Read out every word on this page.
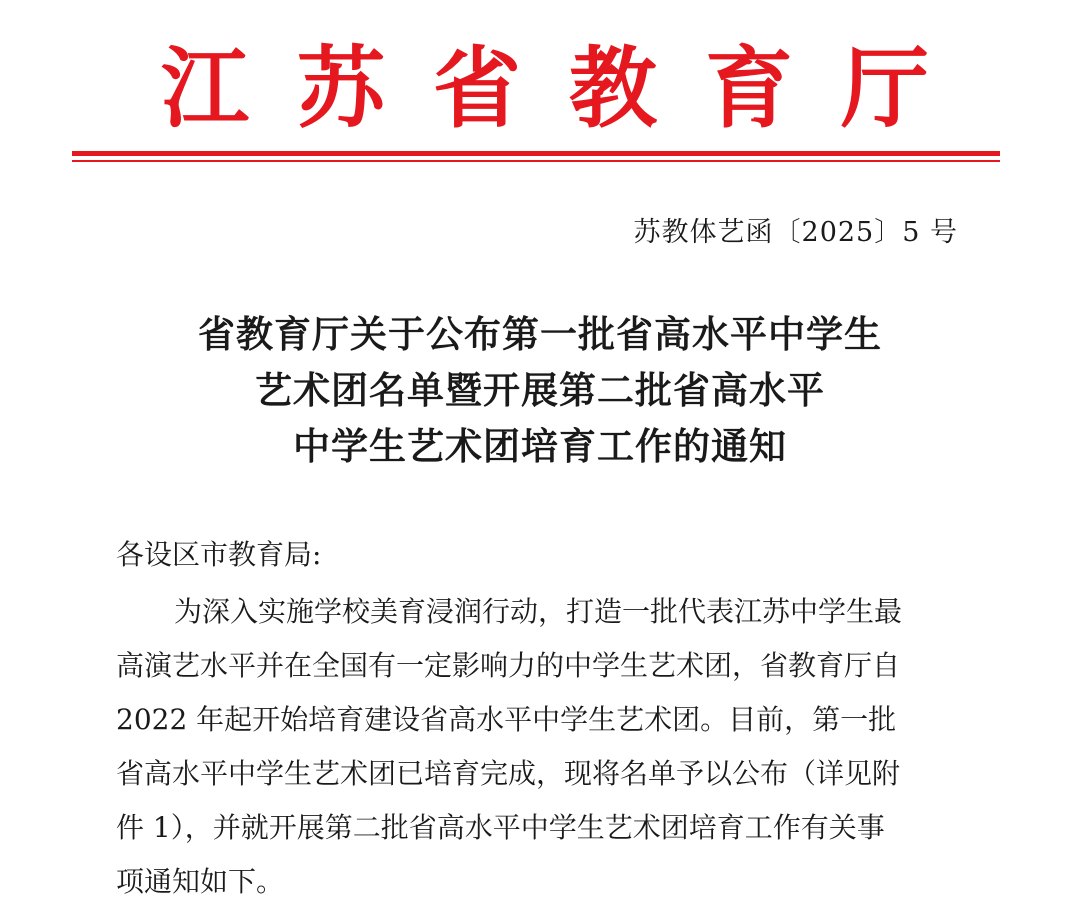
江 苏 省 教 育 厅
苏教体艺函〔2025〕5 号
省教育厅关于公布第一批省高水平中学生
艺术团名单暨开展第二批省高水平
中学生艺术团培育工作的通知
各设区市教育局:
为深入实施学校美育浸润行动，打造一批代表江苏中学生最
高演艺水平并在全国有一定影响力的中学生艺术团，省教育厅自
2022 年起开始培育建设省高水平中学生艺术团。目前，第一批
省高水平中学生艺术团已培育完成，现将名单予以公布（详见附
件 1），并就开展第二批省高水平中学生艺术团培育工作有关事
项通知如下。
